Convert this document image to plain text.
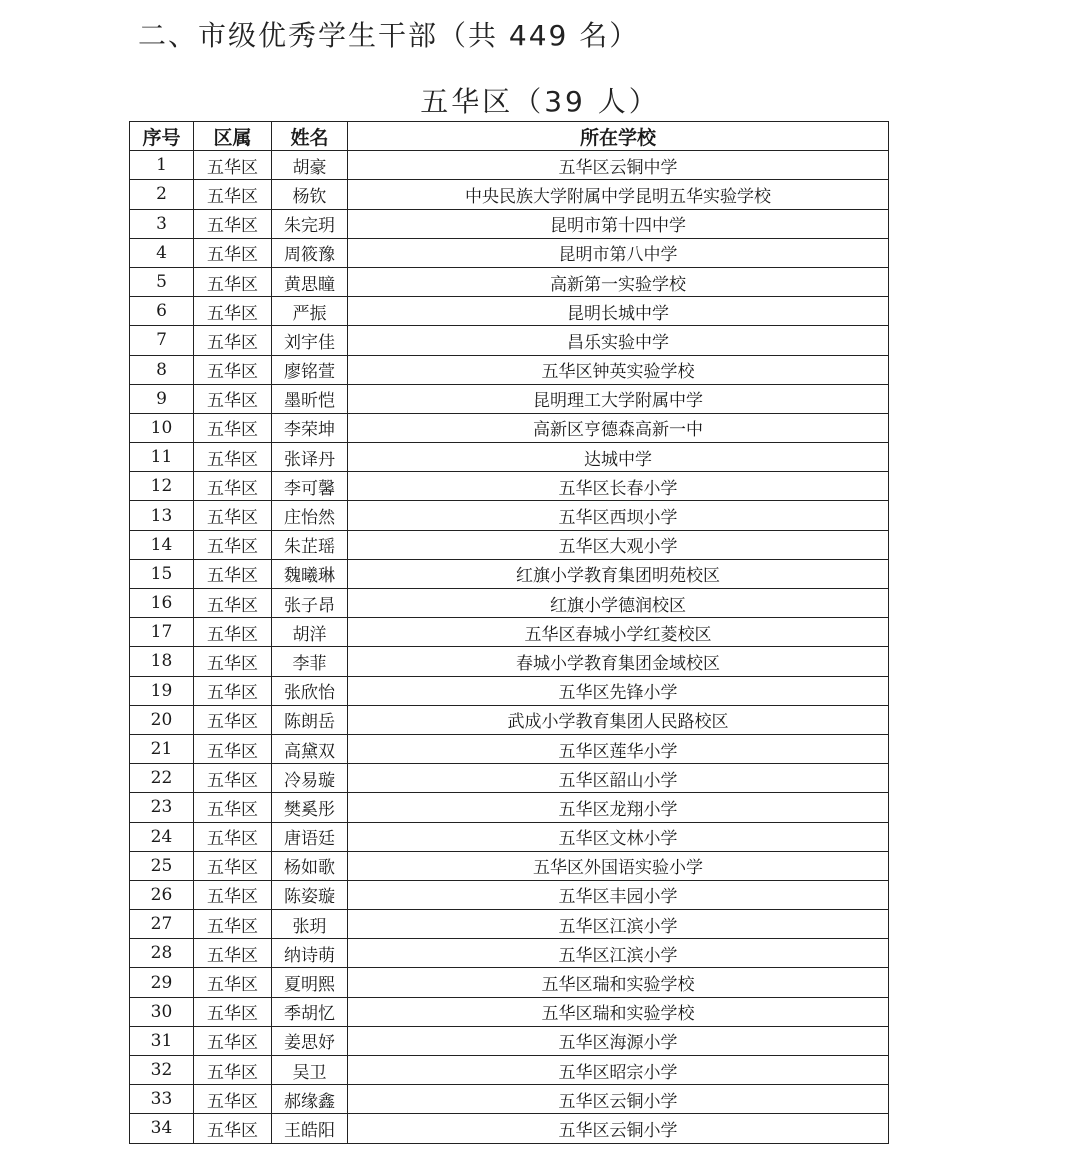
二、市级优秀学生干部（共 449 名）
五华区（39 人）
序号	区属	姓名	所在学校
1	五华区	胡豪	五华区云铜中学
2	五华区	杨钦	中央民族大学附属中学昆明五华实验学校
3	五华区	朱完玥	昆明市第十四中学
4	五华区	周筱豫	昆明市第八中学
5	五华区	黄思瞳	高新第一实验学校
6	五华区	严振	昆明长城中学
7	五华区	刘宇佳	昌乐实验中学
8	五华区	廖铭萱	五华区钟英实验学校
9	五华区	墨昕恺	昆明理工大学附属中学
10	五华区	李荣坤	高新区亨德森高新一中
11	五华区	张译丹	达城中学
12	五华区	李可馨	五华区长春小学
13	五华区	庄怡然	五华区西坝小学
14	五华区	朱芷瑶	五华区大观小学
15	五华区	魏曦琳	红旗小学教育集团明苑校区
16	五华区	张子昂	红旗小学德润校区
17	五华区	胡洋	五华区春城小学红菱校区
18	五华区	李菲	春城小学教育集团金域校区
19	五华区	张欣怡	五华区先锋小学
20	五华区	陈朗岳	武成小学教育集团人民路校区
21	五华区	高黛双	五华区莲华小学
22	五华区	冷易璇	五华区韶山小学
23	五华区	樊奚彤	五华区龙翔小学
24	五华区	唐语廷	五华区文林小学
25	五华区	杨如歌	五华区外国语实验小学
26	五华区	陈姿璇	五华区丰园小学
27	五华区	张玥	五华区江滨小学
28	五华区	纳诗萌	五华区江滨小学
29	五华区	夏明熙	五华区瑞和实验学校
30	五华区	季胡忆	五华区瑞和实验学校
31	五华区	姜思妤	五华区海源小学
32	五华区	吴卫	五华区昭宗小学
33	五华区	郝缘鑫	五华区云铜小学
34	五华区	王皓阳	五华区云铜小学
